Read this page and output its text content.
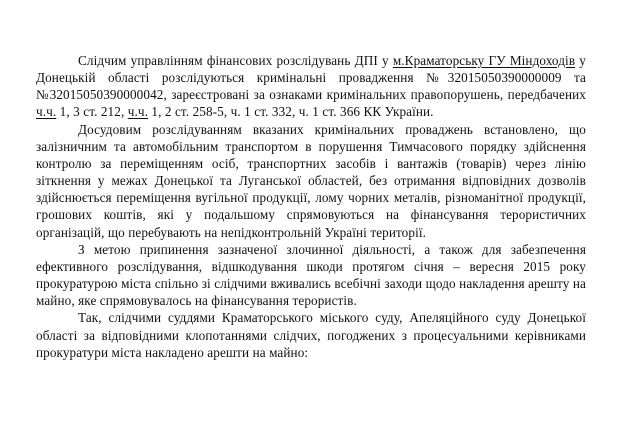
Слідчим управлінням фінансових розслідувань ДПІ у м.Краматорську ГУ Міндоходів у Донецькій області розслідуються кримінальні провадження №32015050390000009 та №32015050390000042, зареєстровані за ознаками кримінальних правопорушень, передбачених ч.ч. 1, 3 ст. 212, ч.ч. 1, 2 ст. 258-5, ч. 1 ст. 332, ч. 1 ст. 366 КК України.

Досудовим розслідуванням вказаних кримінальних проваджень встановлено, що залізничним та автомобільним транспортом в порушення Тимчасового порядку здійснення контролю за переміщенням осіб, транспортних засобів і вантажів (товарів) через лінію зіткнення у межах Донецької та Луганської областей, без отримання відповідних дозволів здійснюється переміщення вугільної продукції, лому чорних металів, різноманітної продукції, грошових коштів, які у подальшому спрямовуються на фінансування терористичних організацій, що перебувають на непідконтрольній Україні території.

З метою припинення зазначеної злочинної діяльності, а також для забезпечення ефективного розслідування, відшкодування шкоди протягом січня – вересня 2015 року прокуратурою міста спільно зі слідчими вживались всебічні заходи щодо накладення арешту на майно, яке спрямовувалось на фінансування терористів.

Так, слідчими суддями Краматорського міського суду, Апеляційного суду Донецької області за відповідними клопотаннями слідчих, погоджених з процесуальними керівниками прокуратури міста накладено арешти на майно:
